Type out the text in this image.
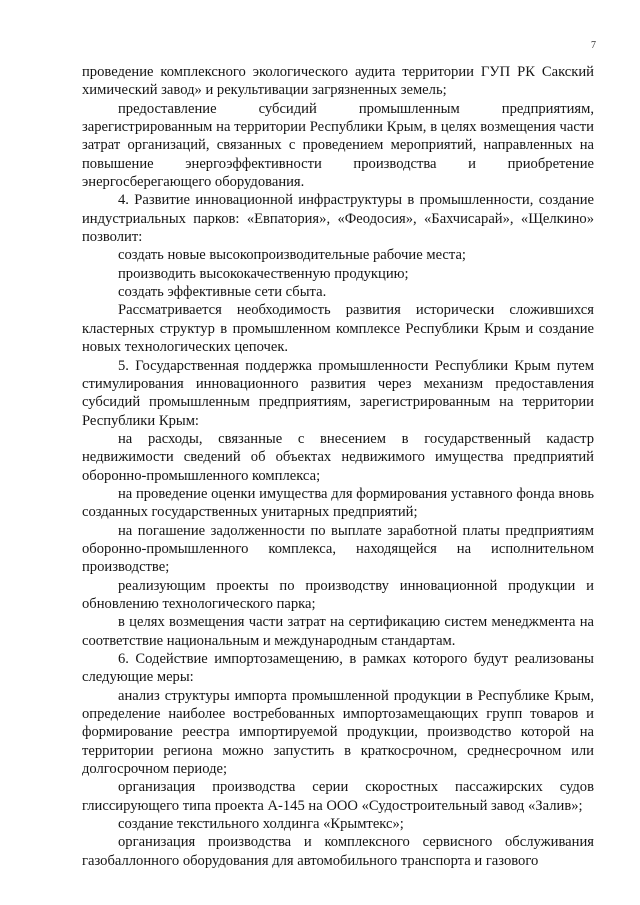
7

проведение комплексного экологического аудита территории ГУП РК Сакский химический завод» и рекультивации загрязненных земель;

предоставление субсидий промышленным предприятиям, зарегистрированным на территории Республики Крым, в целях возмещения части затрат организаций, связанных с проведением мероприятий, направленных на повышение энергоэффективности производства и приобретение энергосберегающего оборудования.

4. Развитие инновационной инфраструктуры в промышленности, создание индустриальных парков: «Евпатория», «Феодосия», «Бахчисарай», «Щелкино» позволит:

создать новые высокопроизводительные рабочие места;

производить высококачественную продукцию;

создать эффективные сети сбыта.

Рассматривается необходимость развития исторически сложившихся кластерных структур в промышленном комплексе Республики Крым и создание новых технологических цепочек.

5. Государственная поддержка промышленности Республики Крым путем стимулирования инновационного развития через механизм предоставления субсидий промышленным предприятиям, зарегистрированным на территории Республики Крым:

на расходы, связанные с внесением в государственный кадастр недвижимости сведений об объектах недвижимого имущества предприятий оборонно-промышленного комплекса;

на проведение оценки имущества для формирования уставного фонда вновь созданных государственных унитарных предприятий;

на погашение задолженности по выплате заработной платы предприятиям оборонно-промышленного комплекса, находящейся на исполнительном производстве;

реализующим проекты по производству инновационной продукции и обновлению технологического парка;

в целях возмещения части затрат на сертификацию систем менеджмента на соответствие национальным и международным стандартам.

6. Содействие импортозамещению, в рамках которого будут реализованы следующие меры:

анализ структуры импорта промышленной продукции в Республике Крым, определение наиболее востребованных импортозамещающих групп товаров и формирование реестра импортируемой продукции, производство которой на территории региона можно запустить в краткосрочном, среднесрочном или долгосрочном периоде;

организация производства серии скоростных пассажирских судов глиссирующего типа проекта А-145 на ООО «Судостроительный завод «Залив»;

создание текстильного холдинга «Крымтекс»;

организация производства и комплексного сервисного обслуживания газобаллонного оборудования для автомобильного транспорта и газового
